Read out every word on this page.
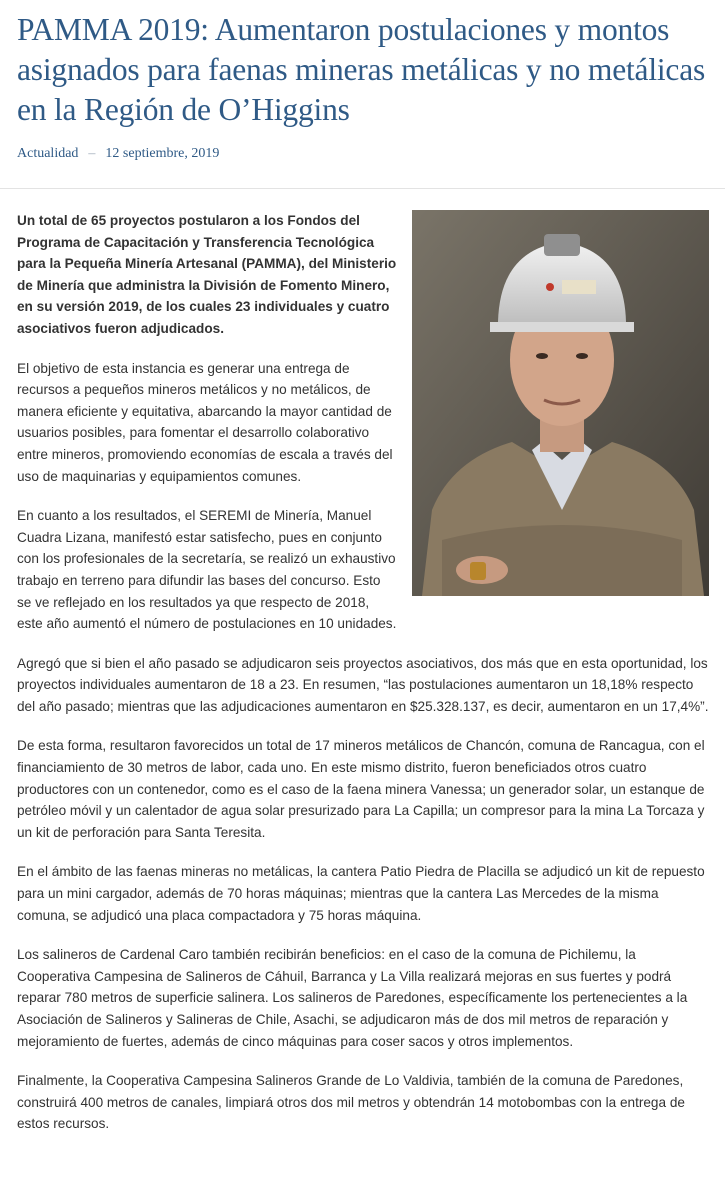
PAMMA 2019: Aumentaron postulaciones y montos asignados para faenas mineras metálicas y no metálicas en la Región de O’Higgins
Actualidad – 12 septiembre, 2019

Un total de 65 proyectos postularon a los Fondos del Programa de Capacitación y Transferencia Tecnológica para la Pequeña Minería Artesanal (PAMMA), del Ministerio de Minería que administra la División de Fomento Minero, en su versión 2019, de los cuales 23 individuales y cuatro asociativos fueron adjudicados.

El objetivo de esta instancia es generar una entrega de recursos a pequeños mineros metálicos y no metálicos, de manera eficiente y equitativa, abarcando la mayor cantidad de usuarios posibles, para fomentar el desarrollo colaborativo entre mineros, promoviendo economías de escala a través del uso de maquinarias y equipamientos comunes.

En cuanto a los resultados, el SEREMI de Minería, Manuel Cuadra Lizana, manifestó estar satisfecho, pues en conjunto con los profesionales de la secretaría, se realizó un exhaustivo trabajo en terreno para difundir las bases del concurso. Esto se ve reflejado en los resultados ya que respecto de 2018, este año aumentó el número de postulaciones en 10 unidades.

Agregó que si bien el año pasado se adjudicaron seis proyectos asociativos, dos más que en esta oportunidad, los proyectos individuales aumentaron de 18 a 23. En resumen, “las postulaciones aumentaron un 18,18% respecto del año pasado; mientras que las adjudicaciones aumentaron en $25.328.137, es decir, aumentaron en un 17,4%”.

De esta forma, resultaron favorecidos un total de 17 mineros metálicos de Chancón, comuna de Rancagua, con el financiamiento de 30 metros de labor, cada uno. En este mismo distrito, fueron beneficiados otros cuatro productores con un contenedor, como es el caso de la faena minera Vanessa; un generador solar, un estanque de petróleo móvil y un calentador de agua solar presurizado para La Capilla; un compresor para la mina La Torcaza y un kit de perforación para Santa Teresita.

En el ámbito de las faenas mineras no metálicas, la cantera Patio Piedra de Placilla se adjudicó un kit de repuesto para un mini cargador, además de 70 horas máquinas; mientras que la cantera Las Mercedes de la misma comuna, se adjudicó una placa compactadora y 75 horas máquina.

Los salineros de Cardenal Caro también recibirán beneficios: en el caso de la comuna de Pichilemu, la Cooperativa Campesina de Salineros de Cáhuil, Barranca y La Villa realizará mejoras en sus fuertes y podrá reparar 780 metros de superficie salinera. Los salineros de Paredones, específicamente los pertenecientes a la Asociación de Salineros y Salineras de Chile, Asachi, se adjudicaron más de dos mil metros de reparación y mejoramiento de fuertes, además de cinco máquinas para coser sacos y otros implementos.

Finalmente, la Cooperativa Campesina Salineros Grande de Lo Valdivia, también de la comuna de Paredones, construirá 400 metros de canales, limpiará otros dos mil metros y obtendrán 14 motobombas con la entrega de estos recursos.
